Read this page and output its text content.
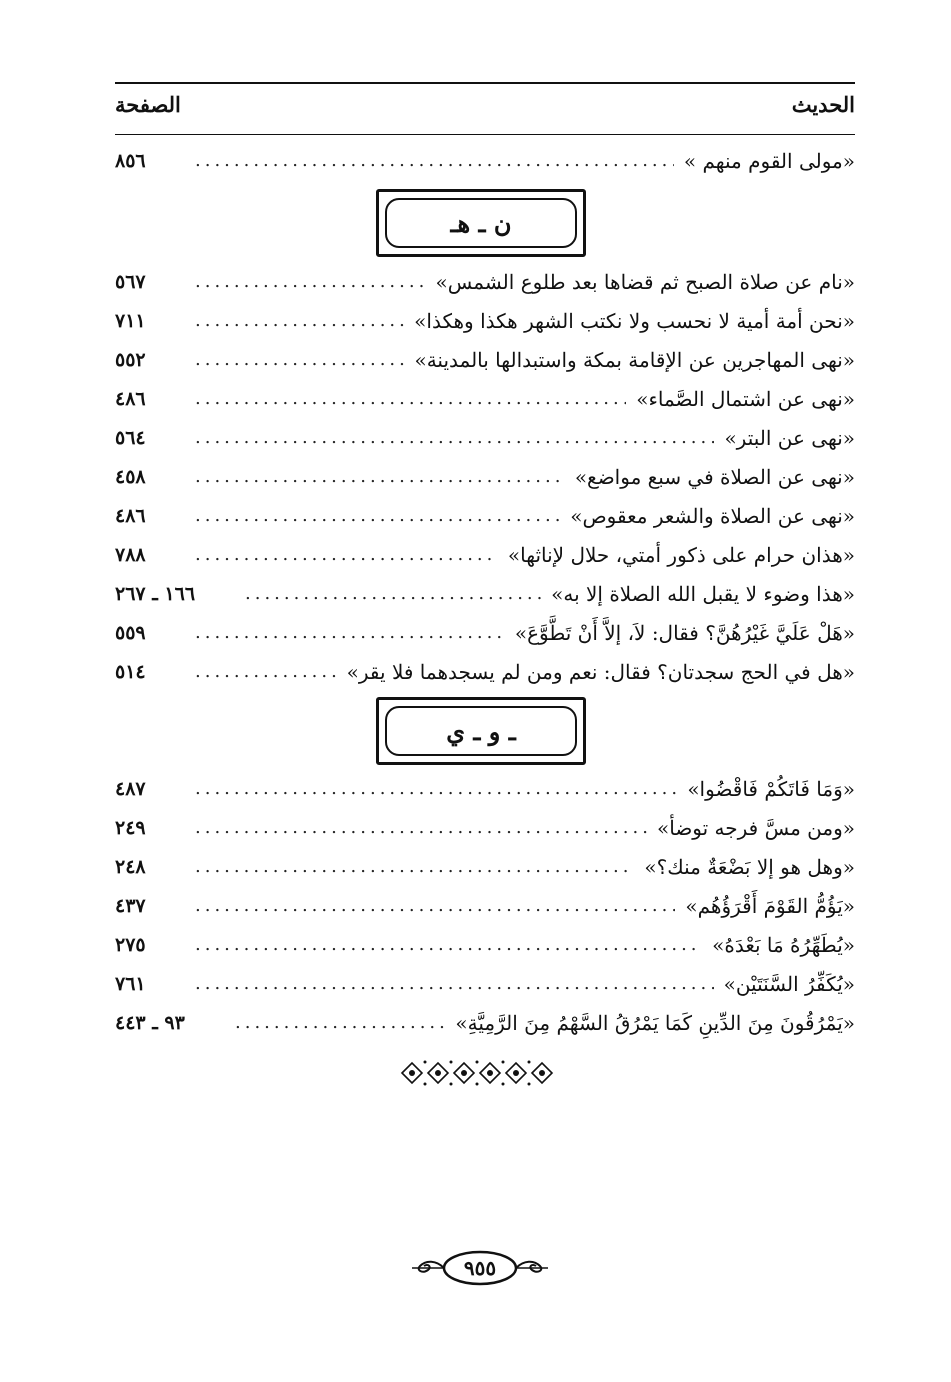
الحديث
الصفحة
٨٥٦ .....	«مولى القوم منهم »
ن ـ هـ
٥٦٧ .....	«نام عن صلاة الصبح ثم قضاها بعد طلوع الشمس»
٧١١ .....	«نحن أمة أمية لا نحسب ولا نكتب الشهر هكذا وهكذا»
٥٥٢ .....	«نهى المهاجرين عن الإقامة بمكة واستبدالها بالمدينة»
٤٨٦ .....	«نهى عن اشتمال الصَّماء»
٥٦٤ .....	«نهى عن البتر»
٤٥٨ .....	«نهى عن الصلاة في سبع مواضع»
٤٨٦ .....	«نهى عن الصلاة والشعر معقوص»
٧٨٨ .....	«هذان حرام على ذكور أمتي، حلال لإناثها»
١٦٦ ـ ٢٦٧ .....	«هذا وضوء لا يقبل الله الصلاة إلا به»
٥٥٩ .....	«هَلْ عَلَيَّ غَيْرُهُنَّ؟ فقال: لاَ، إلاَّ أَنْ تَطَّوَّعَ»
٥١٤ .....	«هل في الحج سجدتان؟ فقال: نعم ومن لم يسجدهما فلا يقر»
ـ و ـ ي
٤٨٧ .....	«وَمَا فَاتَكُمْ فَاقْضُوا»
٢٤٩ .....	«ومن مسَّ فرجه توضأ»
٢٤٨ .....	«وهل هو إلا بَضْعَةٌ منك؟»
٤٣٧ .....	«يَؤُمُّ القَوْمَ أَقْرَؤُهُم»
٢٧٥ .....	«يُطَهِّرُهُ مَا بَعْدَهُ»
٧٦١ .....	«يُكَفِّرُ السَّنَتَيْن»
٩٣ ـ ٤٤٣ .....	«يَمْرُقُونَ مِنَ الدِّينِ كَمَا يَمْرُقُ السَّهْمُ مِنَ الرَّمِيَّةِ»
٩٥٥
